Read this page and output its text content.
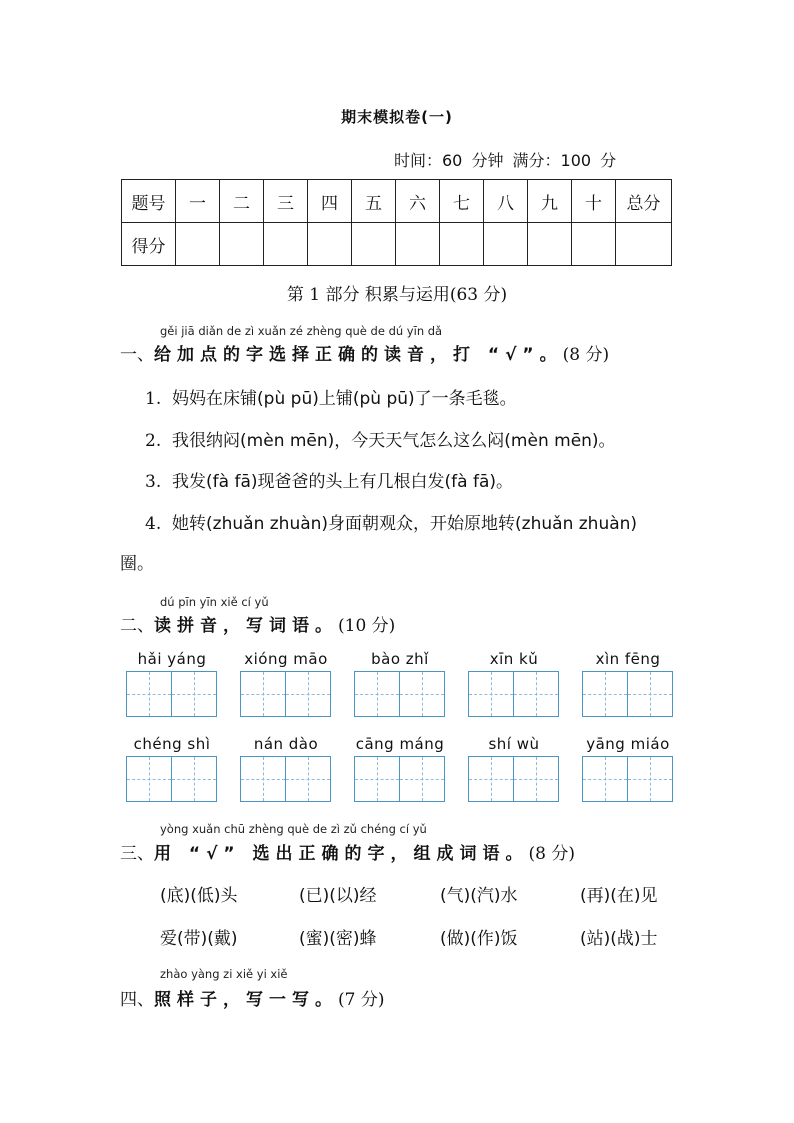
期末模拟卷(一)
时间：60 分钟 满分：100 分
题号	一	二	三	四	五	六	七	八	九	十	总分
得分											
第 1 部分 积累与运用(63 分)
gěi jiā diǎn de zì xuǎn zé zhèng què de dú yīn dǎ
一、给加点的字选择正确的读音，打 “√”。(8 分)
1. 妈妈在床铺(pù pū)上铺(pù pū)了一条毛毯。
2. 我很纳闷(mèn mēn)，今天天气怎么这么闷(mèn mēn)。
3. 我发(fà fā)现爸爸的头上有几根白发(fà fā)。
4. 她转(zhuǎn zhuàn)身面朝观众，开始原地转(zhuǎn zhuàn)
圈。
dú pīn yīn xiě cí yǔ
二、读拼音，写词语。(10 分)
hǎi yáng	xióng māo	bào zhǐ	xīn kǔ	xìn fēng
chéng shì	nán dào	cāng máng	shí wù	yāng miáo
yòng xuǎn chū zhèng què de zì zǔ chéng cí yǔ
三、用 “√” 选出正确的字，组成词语。(8 分)
(底)(低)头	(已)(以)经	(气)(汽)水	(再)(在)见
爱(带)(戴)	(蜜)(密)蜂	(做)(作)饭	(站)(战)士
zhào yàng zi xiě yi xiě
四、照样子，写一写。(7 分)
